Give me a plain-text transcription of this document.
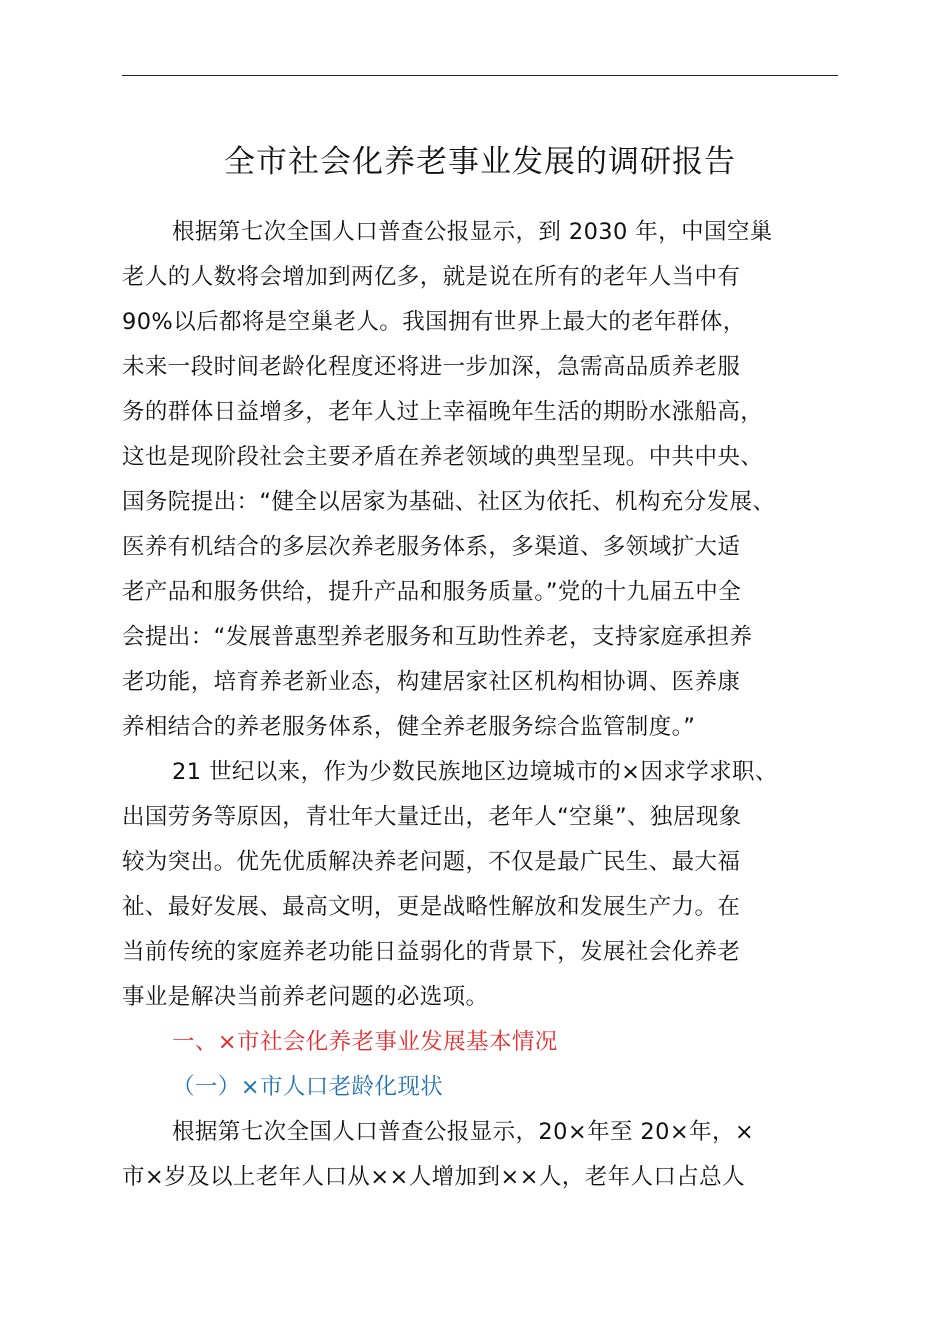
全市社会化养老事业发展的调研报告
根据第七次全国人口普查公报显示，到 2030 年，中国空巢
老人的人数将会增加到两亿多，就是说在所有的老年人当中有
90%以后都将是空巢老人。我国拥有世界上最大的老年群体，
未来一段时间老龄化程度还将进一步加深，急需高品质养老服
务的群体日益增多，老年人过上幸福晚年生活的期盼水涨船高，
这也是现阶段社会主要矛盾在养老领域的典型呈现。中共中央、
国务院提出：“健全以居家为基础、社区为依托、机构充分发展、
医养有机结合的多层次养老服务体系，多渠道、多领域扩大适
老产品和服务供给，提升产品和服务质量。”党的十九届五中全
会提出：“发展普惠型养老服务和互助性养老，支持家庭承担养
老功能，培育养老新业态，构建居家社区机构相协调、医养康
养相结合的养老服务体系，健全养老服务综合监管制度。”
21 世纪以来，作为少数民族地区边境城市的×因求学求职、
出国劳务等原因，青壮年大量迁出，老年人“空巢”、独居现象
较为突出。优先优质解决养老问题，不仅是最广民生、最大福
祉、最好发展、最高文明，更是战略性解放和发展生产力。在
当前传统的家庭养老功能日益弱化的背景下，发展社会化养老
事业是解决当前养老问题的必选项。
一、×市社会化养老事业发展基本情况
（一）×市人口老龄化现状
根据第七次全国人口普查公报显示，20×年至 20×年，×
市×岁及以上老年人口从××人增加到××人，老年人口占总人
